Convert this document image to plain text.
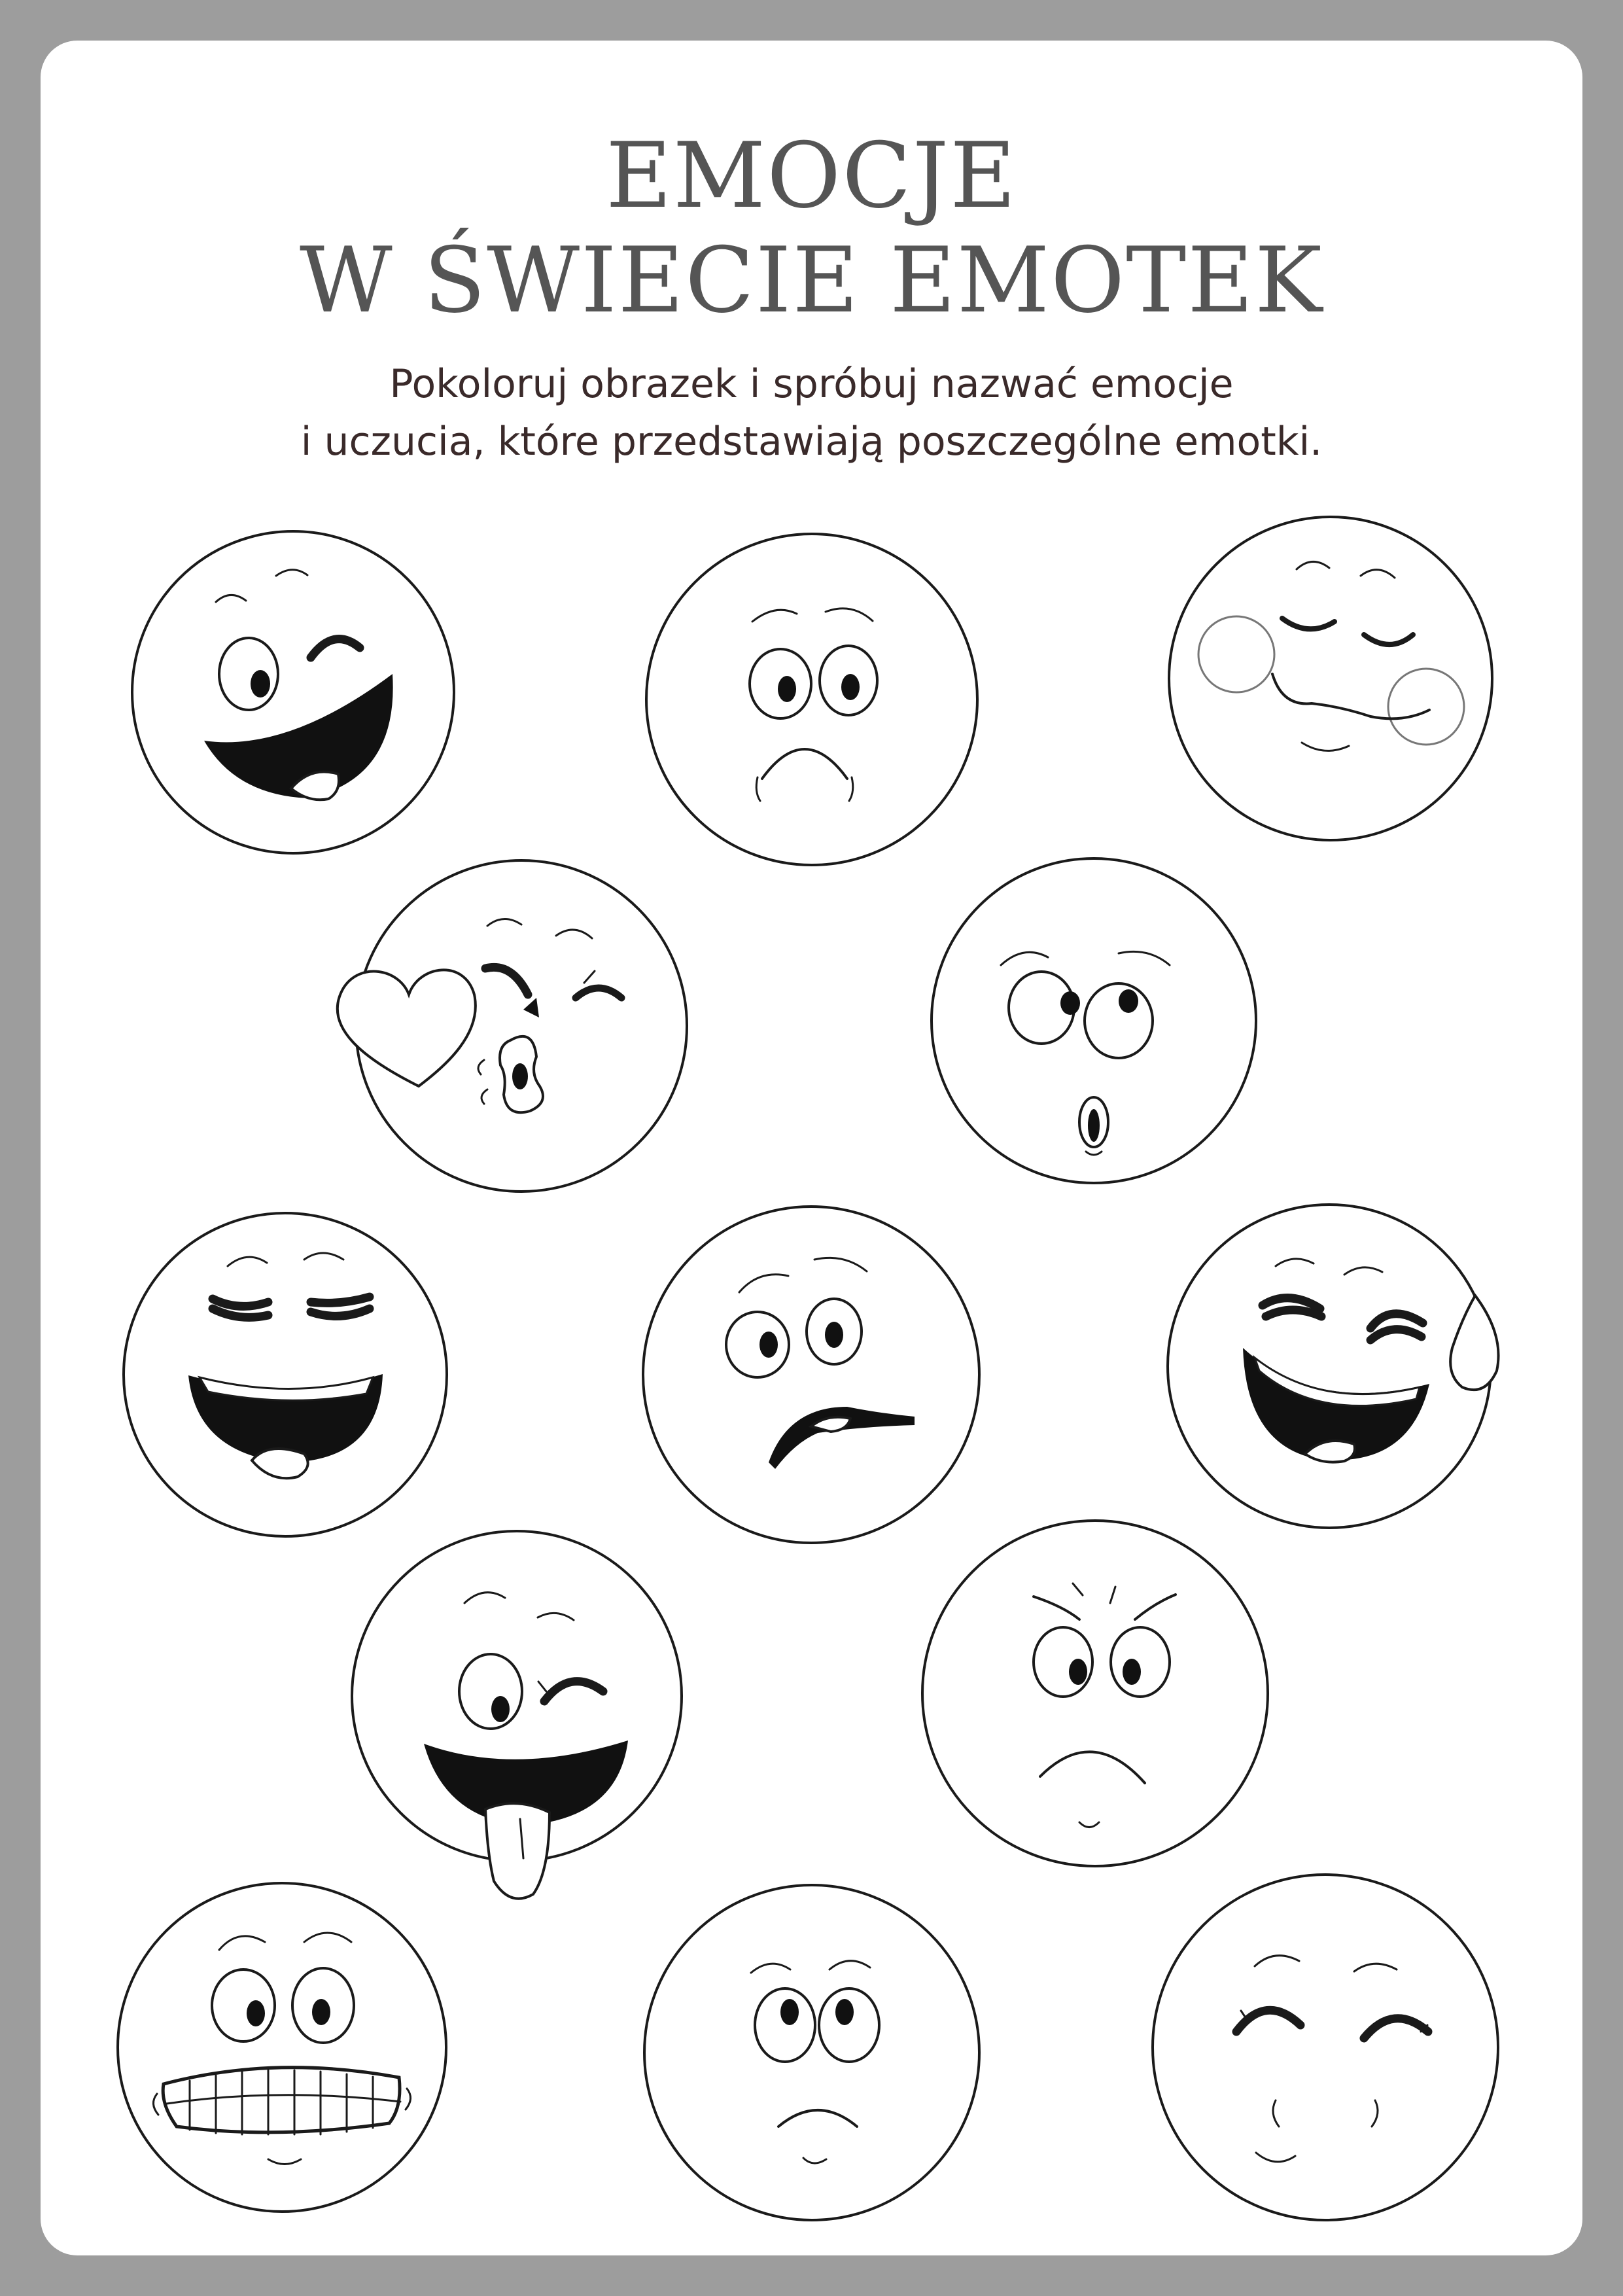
EMOCJE
W ŚWIECIE EMOTEK

Pokoloruj obrazek i spróbuj nazwać emocje

i uczucia, które przedstawiają poszczególne emotki.
